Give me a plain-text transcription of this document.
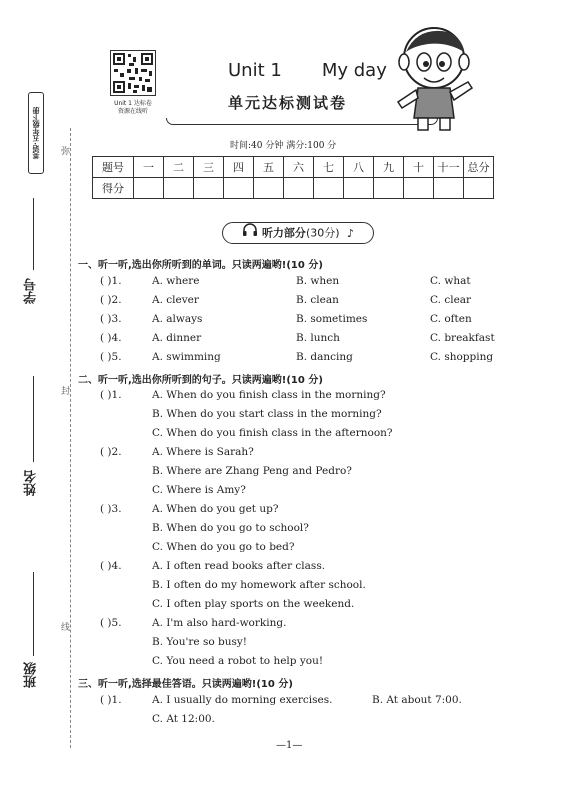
英语·五年级下册	弥
封
线
学号
姓名
班级
Unit 1 达标卷
资源在线听
Unit 1 My day
单元达标测试卷
时间:40 分钟 满分:100 分
题号	一	二	三	四	五	六	七	八	九	十	十一	总分
得分												
听力部分(30分) ♪
一、听一听,选出你所听到的单词。只读两遍哟!(10 分)
( )1.	A. where	B. when	C. what
( )2.	A. clever	B. clean	C. clear
( )3.	A. always	B. sometimes	C. often
( )4.	A. dinner	B. lunch	C. breakfast
( )5.	A. swimming	B. dancing	C. shopping
二、听一听,选出你所听到的句子。只读两遍哟!(10 分)
( )1.	A. When do you finish class in the morning?
B. When do you start class in the morning?
C. When do you finish class in the afternoon?
( )2.	A. Where is Sarah?
B. Where are Zhang Peng and Pedro?
C. Where is Amy?
( )3.	A. When do you get up?
B. When do you go to school?
C. When do you go to bed?
( )4.	A. I often read books after class.
B. I often do my homework after school.
C. I often play sports on the weekend.
( )5.	A. I'm also hard-working.
B. You're so busy!
C. You need a robot to help you!
三、听一听,选择最佳答语。只读两遍哟!(10 分)
( )1.	A. I usually do morning exercises.	B. At about 7:00.
C. At 12:00.
—1—
